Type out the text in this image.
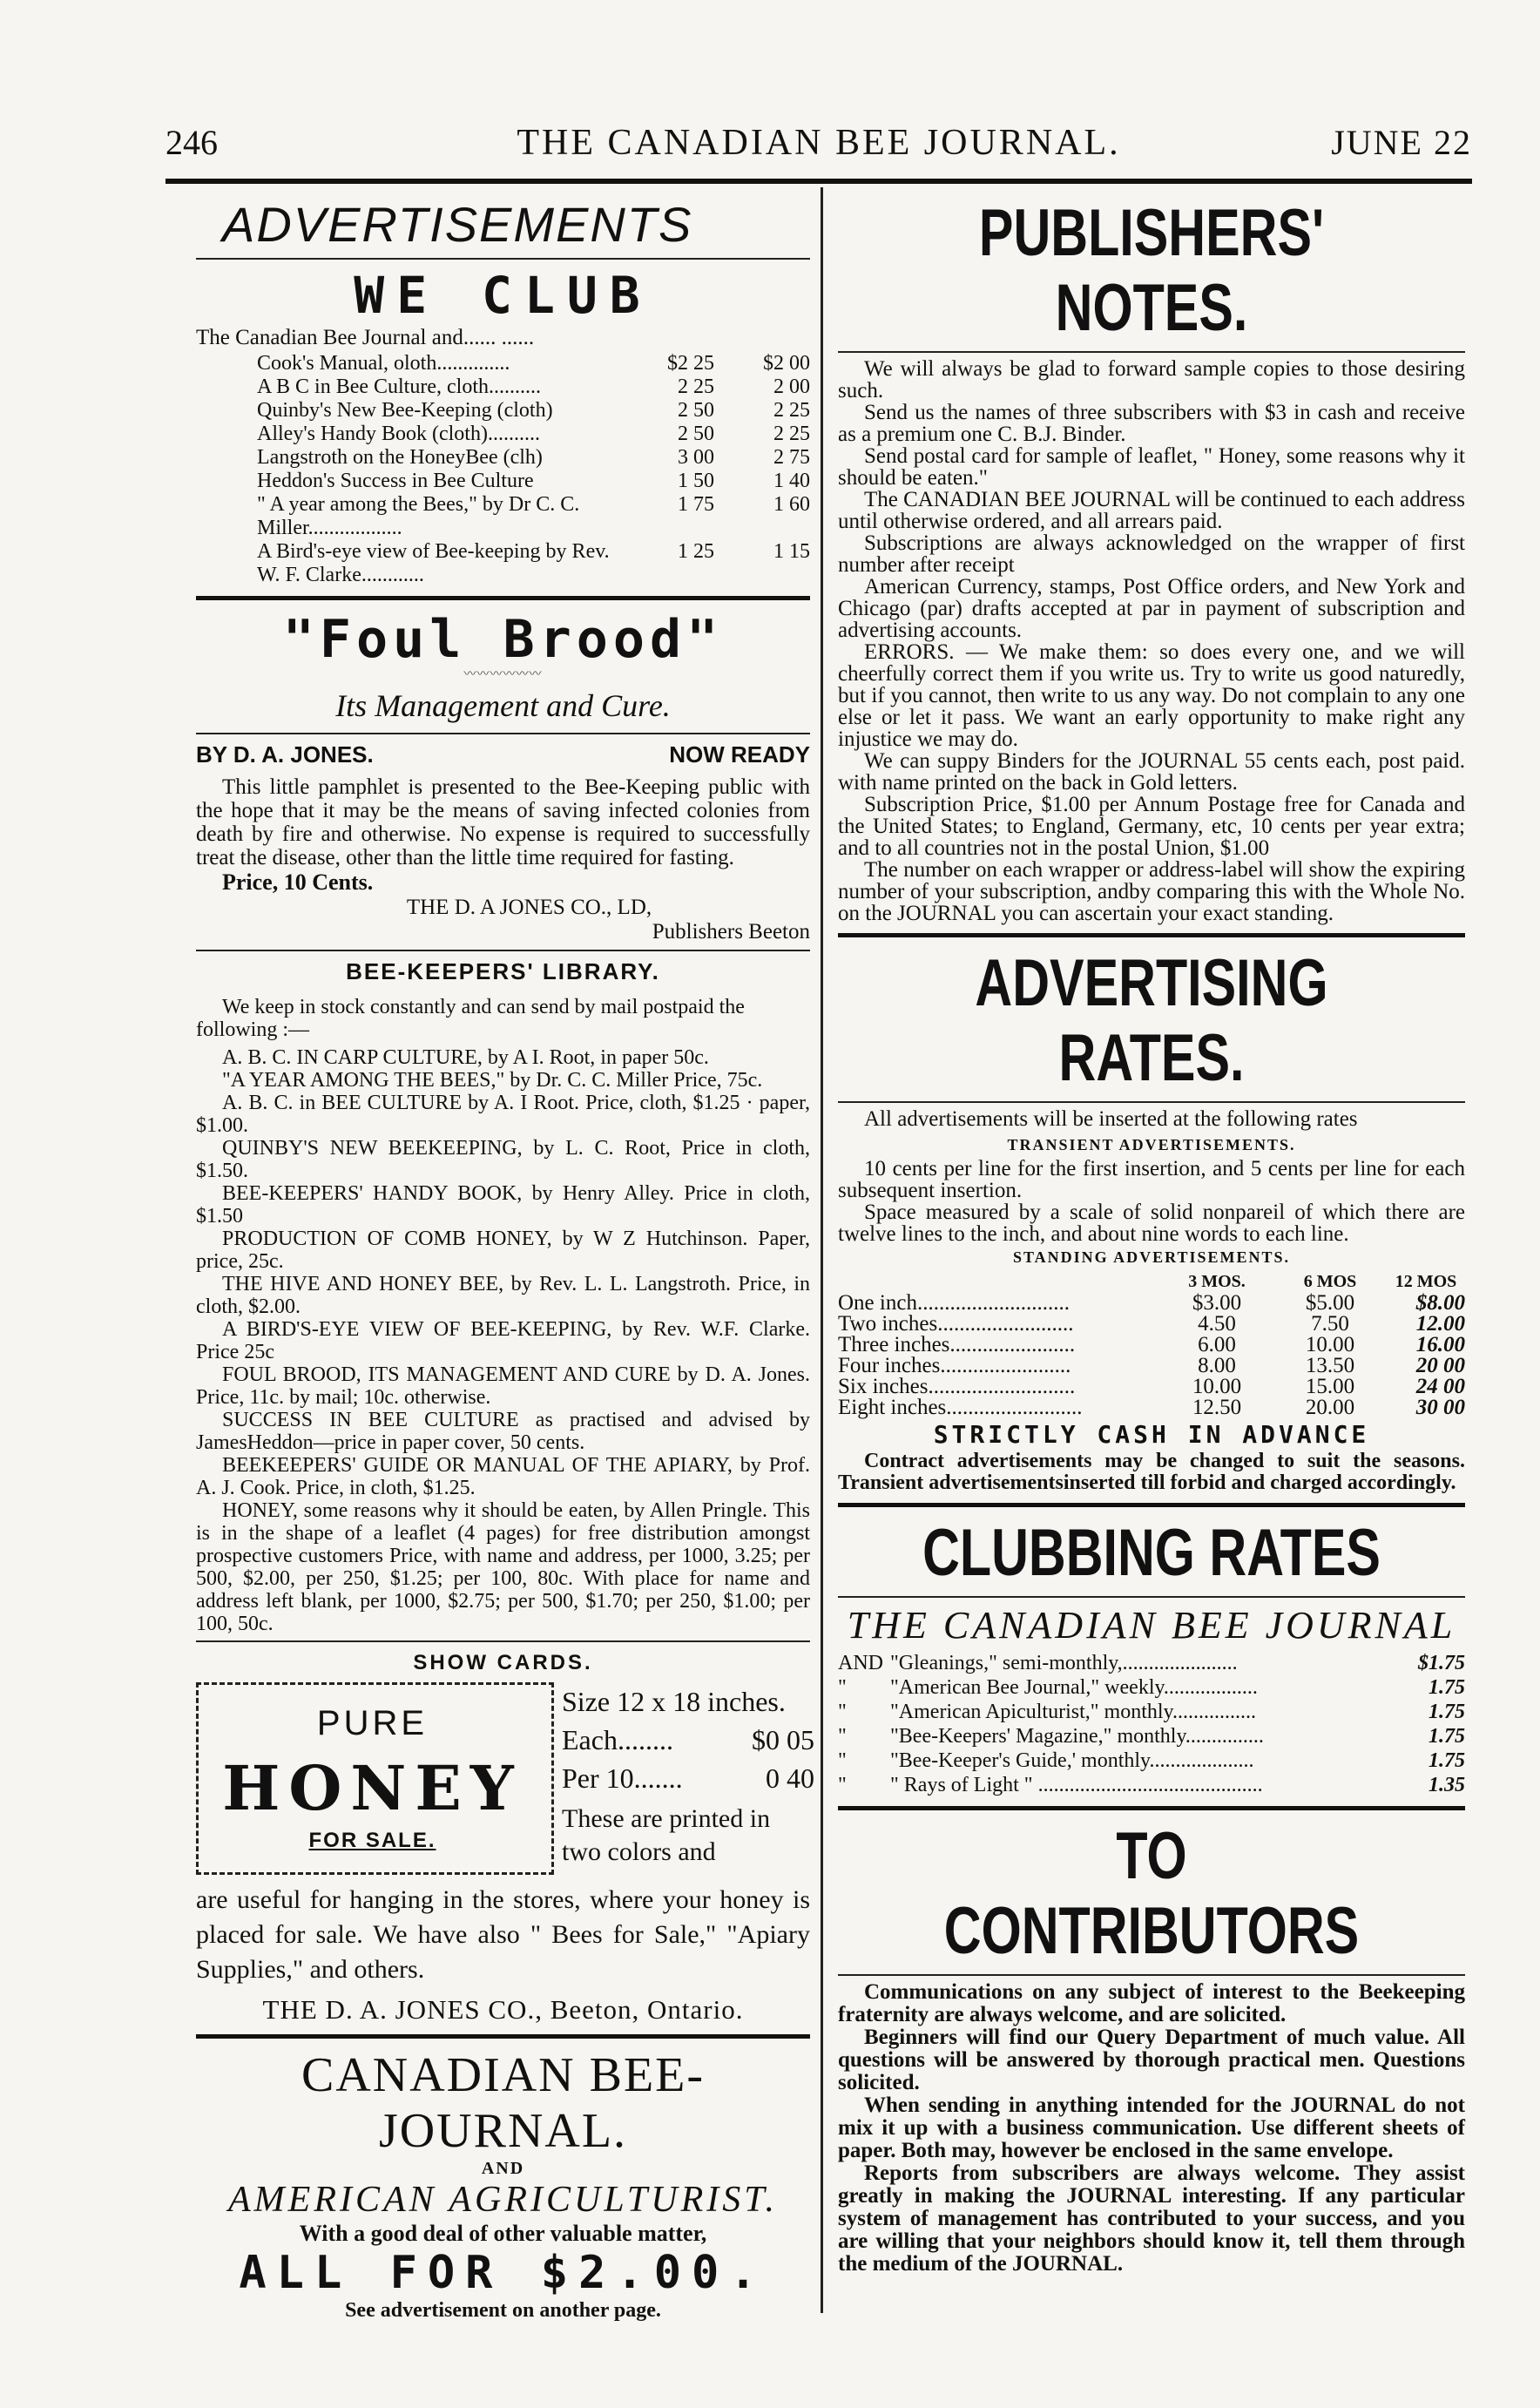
246	THE CANADIAN BEE JOURNAL.	JUNE 22
ADVERTISEMENTS
WE CLUB
The Canadian Bee Journal and...... ......
Cook's Manual, oloth..............	$2 25	$2 00
A B C in Bee Culture, cloth..........	2 25	2 00
Quinby's New Bee-Keeping (cloth)	2 50	2 25
Alley's Handy Book (cloth)..........	2 50	2 25
Langstroth on the HoneyBee (clh)	3 00	2 75
Heddon's Success in Bee Culture	1 50	1 40
" A year among the Bees," by Dr C. C. Miller..................	1 75	1 60
A Bird's-eye view of Bee-keeping by Rev. W. F. Clarke............	1 25	1 15
"Foul Brood"
〰〰〰〰〰〰
Its Management and Cure.
BY D. A. JONES.	NOW READY

This little pamphlet is presented to the Bee-Keeping public with the hope that it may be the means of saving infected colonies from death by fire and otherwise. No expense is required to successfully treat the disease, other than the little time required for fasting.

Price, 10 Cents.
THE D. A JONES CO., LD,
Publishers Beeton
BEE-KEEPERS' LIBRARY.

We keep in stock constantly and can send by mail postpaid the following :—

A. B. C. IN CARP CULTURE, by A I. Root, in paper 50c.

"A YEAR AMONG THE BEES," by Dr. C. C. Miller Price, 75c.

A. B. C. in BEE CULTURE by A. I Root. Price, cloth, $1.25 · paper, $1.00.

QUINBY'S NEW BEEKEEPING, by L. C. Root, Price in cloth, $1.50.

BEE-KEEPERS' HANDY BOOK, by Henry Alley. Price in cloth, $1.50

PRODUCTION OF COMB HONEY, by W Z Hutchinson. Paper, price, 25c.

THE HIVE AND HONEY BEE, by Rev. L. L. Langstroth. Price, in cloth, $2.00.

A BIRD'S-EYE VIEW OF BEE-KEEPING, by Rev. W.F. Clarke. Price 25c

FOUL BROOD, ITS MANAGEMENT AND CURE by D. A. Jones. Price, 11c. by mail; 10c. otherwise.

SUCCESS IN BEE CULTURE as practised and advised by JamesHeddon—price in paper cover, 50 cents.

BEEKEEPERS' GUIDE OR MANUAL OF THE APIARY, by Prof. A. J. Cook. Price, in cloth, $1.25.

HONEY, some reasons why it should be eaten, by Allen Pringle. This is in the shape of a leaflet (4 pages) for free distribution amongst prospective customers Price, with name and address, per 1000, 3.25; per 500, $2.00, per 250, $1.25; per 100, 80c. With place for name and address left blank, per 1000, $2.75; per 500, $1.70; per 250, $1.00; per 100, 50c.

SHOW CARDS.
PURE
HONEY
FOR SALE.
Size 12 x 18 inches.
Each........	$0 05
Per 10.......	0 40
These are printed in two colors and
are useful for hanging in the stores, where your honey is placed for sale. We have also " Bees for Sale," "Apiary Supplies," and others.
THE D. A. JONES CO., Beeton, Ontario.
CANADIAN BEE-JOURNAL.
AND
AMERICAN AGRICULTURIST.
With a good deal of other valuable matter,
ALL FOR $2.00.
See advertisement on another page.
PUBLISHERS' NOTES.

We will always be glad to forward sample copies to those desiring such.

Send us the names of three subscribers with $3 in cash and receive as a premium one C. B.J. Binder.

Send postal card for sample of leaflet, " Honey, some reasons why it should be eaten."

The CANADIAN BEE JOURNAL will be continued to each address until otherwise ordered, and all arrears paid.

Subscriptions are always acknowledged on the wrapper of first number after receipt

American Currency, stamps, Post Office orders, and New York and Chicago (par) drafts accepted at par in payment of subscription and advertising accounts.

ERRORS. — We make them: so does every one, and we will cheerfully correct them if you write us. Try to write us good naturedly, but if you cannot, then write to us any way. Do not complain to any one else or let it pass. We want an early opportunity to make right any injustice we may do.

We can suppy Binders for the JOURNAL 55 cents each, post paid. with name printed on the back in Gold letters.

Subscription Price, $1.00 per Annum Postage free for Canada and the United States; to England, Germany, etc, 10 cents per year extra; and to all countries not in the postal Union, $1.00

The number on each wrapper or address-label will show the expiring number of your subscription, andby comparing this with the Whole No. on the JOURNAL you can ascertain your exact standing.

ADVERTISING RATES.

All advertisements will be inserted at the following rates

TRANSIENT ADVERTISEMENTS.

10 cents per line for the first insertion, and 5 cents per line for each subsequent insertion.

Space measured by a scale of solid nonpareil of which there are twelve lines to the inch, and about nine words to each line.

STANDING ADVERTISEMENTS.
	3 MOS.	6 MOS	12 MOS
One inch............................	$3.00	$5.00	$8.00
Two inches.........................	4.50	7.50	12.00
Three inches.......................	6.00	10.00	16.00
Four inches........................	8.00	13.50	20 00
Six inches...........................	10.00	15.00	24 00
Eight inches.........................	12.50	20.00	30 00
STRICTLY CASH IN ADVANCE

Contract advertisements may be changed to suit the seasons. Transient advertisementsinserted till forbid and charged accordingly.

CLUBBING RATES
THE CANADIAN BEE JOURNAL
AND	"Gleanings," semi-monthly,......................	$1.75
"	"American Bee Journal," weekly..................	1.75
"	"American Apiculturist," monthly................	1.75
"	"Bee-Keepers' Magazine," monthly...............	1.75
"	"Bee-Keeper's Guide,' monthly....................	1.75
"	" Rays of Light " ...........................................	1.35
TO CONTRIBUTORS

Communications on any subject of interest to the Beekeeping fraternity are always welcome, and are solicited.

Beginners will find our Query Department of much value. All questions will be answered by thorough practical men. Questions solicited.

When sending in anything intended for the JOURNAL do not mix it up with a business communication. Use different sheets of paper. Both may, however be enclosed in the same envelope.

Reports from subscribers are always welcome. They assist greatly in making the JOURNAL interesting. If any particular system of management has contributed to your success, and you are willing that your neighbors should know it, tell them through the medium of the JOURNAL.
